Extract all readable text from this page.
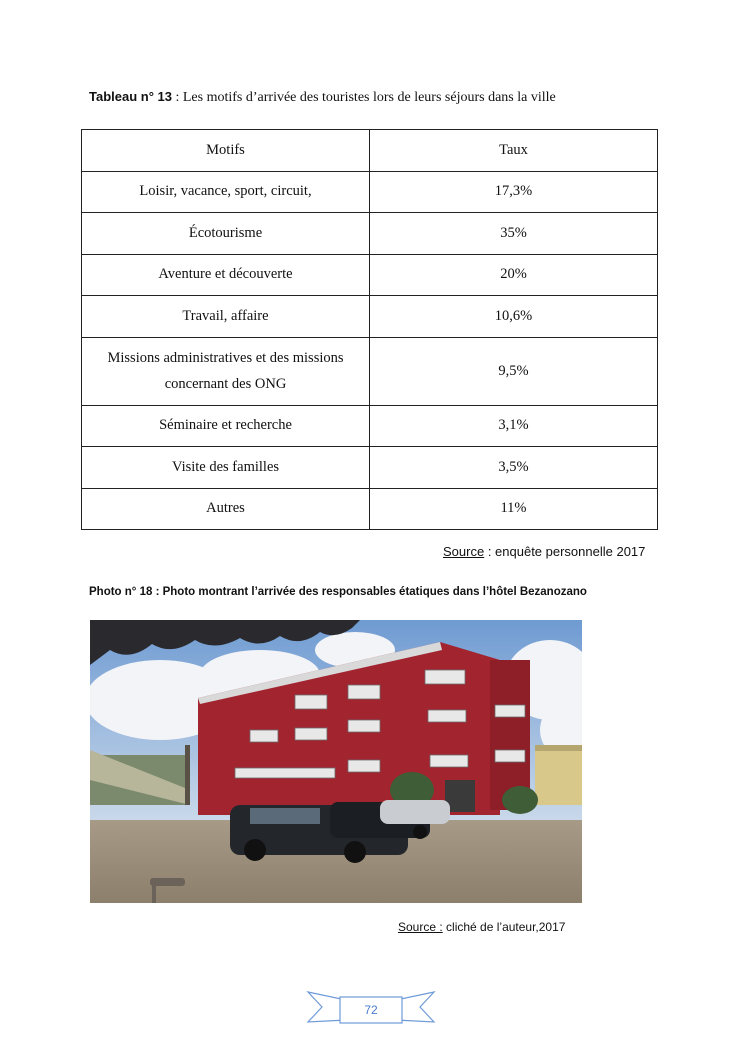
Tableau n° 13 : Les motifs d’arrivée des touristes lors de leurs séjours dans la ville
Motifs	Taux
Loisir, vacance, sport, circuit,	17,3%
Écotourisme	35%
Aventure et découverte	20%
Travail, affaire	10,6%
Missions administratives et des missions
concernant des ONG	9,5%
Séminaire et recherche	3,1%
Visite des familles	3,5%
Autres	11%
Source : enquête personnelle 2017
Photo n° 18 : Photo montrant l’arrivée des responsables étatiques dans l’hôtel Bezanozano
Source : cliché de l’auteur,2017
72
